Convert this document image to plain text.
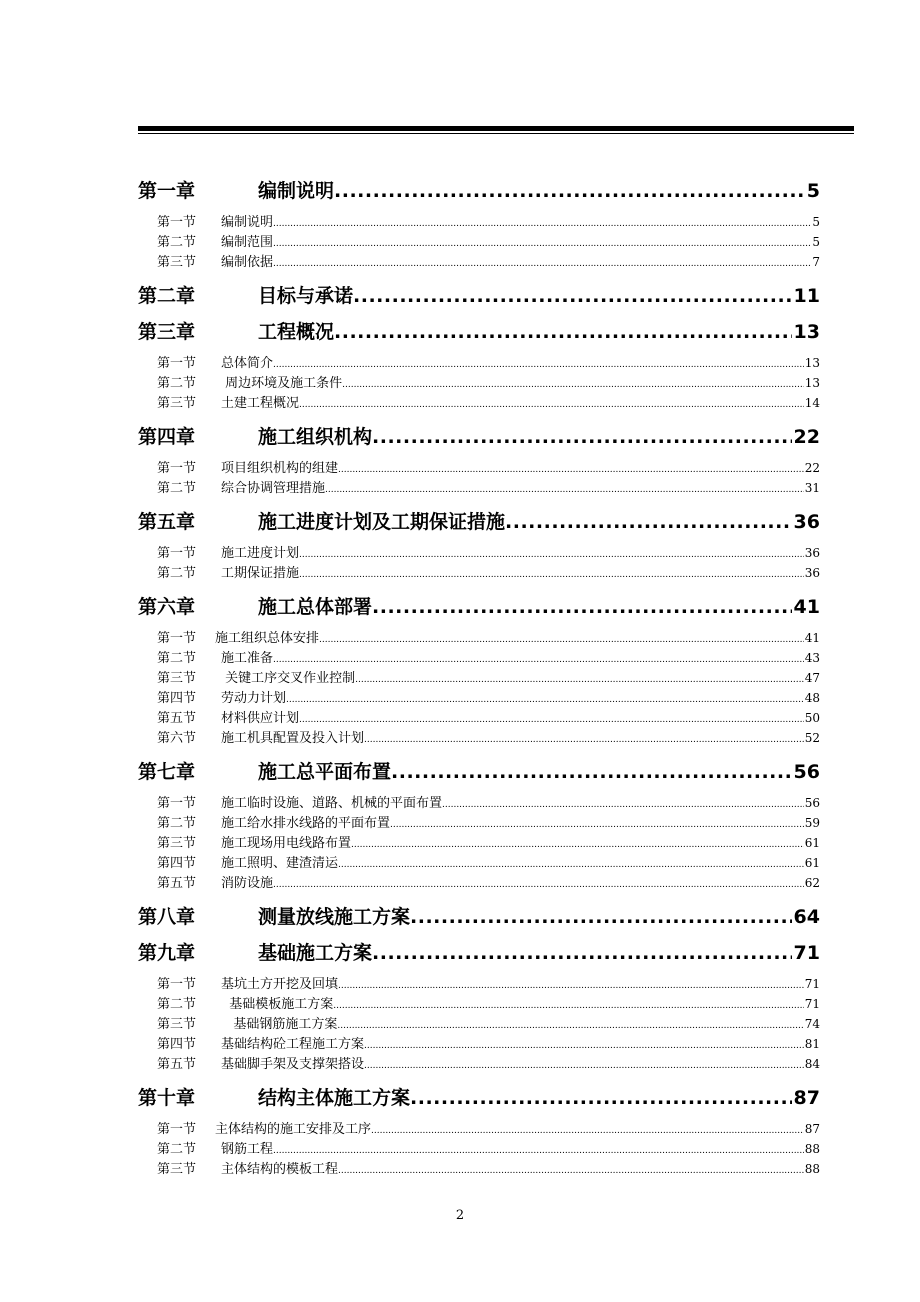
第一章	编制说明 .....	5
第一节	编制说明 .....	5
第二节	编制范围 .....	5
第三节	编制依据 .....	7
第二章	目标与承诺 .....	11
第三章	工程概况 .....	13
第一节	总体简介 .....	13
第二节	周边环境及施工条件 .....	13
第三节	土建工程概况 .....	14
第四章	施工组织机构 .....	22
第一节	项目组织机构的组建 .....	22
第二节	综合协调管理措施 .....	31
第五章	施工进度计划及工期保证措施 .....	36
第一节	施工进度计划 .....	36
第二节	工期保证措施 .....	36
第六章	施工总体部署 .....	41
第一节	施工组织总体安排 .....	41
第二节	施工准备 .....	43
第三节	关键工序交叉作业控制 .....	47
第四节	劳动力计划 .....	48
第五节	材料供应计划 .....	50
第六节	施工机具配置及投入计划 .....	52
第七章	施工总平面布置 .....	56
第一节	施工临时设施、道路、机械的平面布置 .....	56
第二节	施工给水排水线路的平面布置 .....	59
第三节	施工现场用电线路布置 .....	61
第四节	施工照明、建渣清运 .....	61
第五节	消防设施 .....	62
第八章	测量放线施工方案 .....	64
第九章	基础施工方案 .....	71
第一节	基坑土方开挖及回填 .....	71
第二节	基础模板施工方案 .....	71
第三节	基础钢筋施工方案 .....	74
第四节	基础结构砼工程施工方案 .....	81
第五节	基础脚手架及支撑架搭设 .....	84
第十章	结构主体施工方案 .....	87
第一节	主体结构的施工安排及工序 .....	87
第二节	钢筋工程 .....	88
第三节	主体结构的模板工程 .....	88
2
